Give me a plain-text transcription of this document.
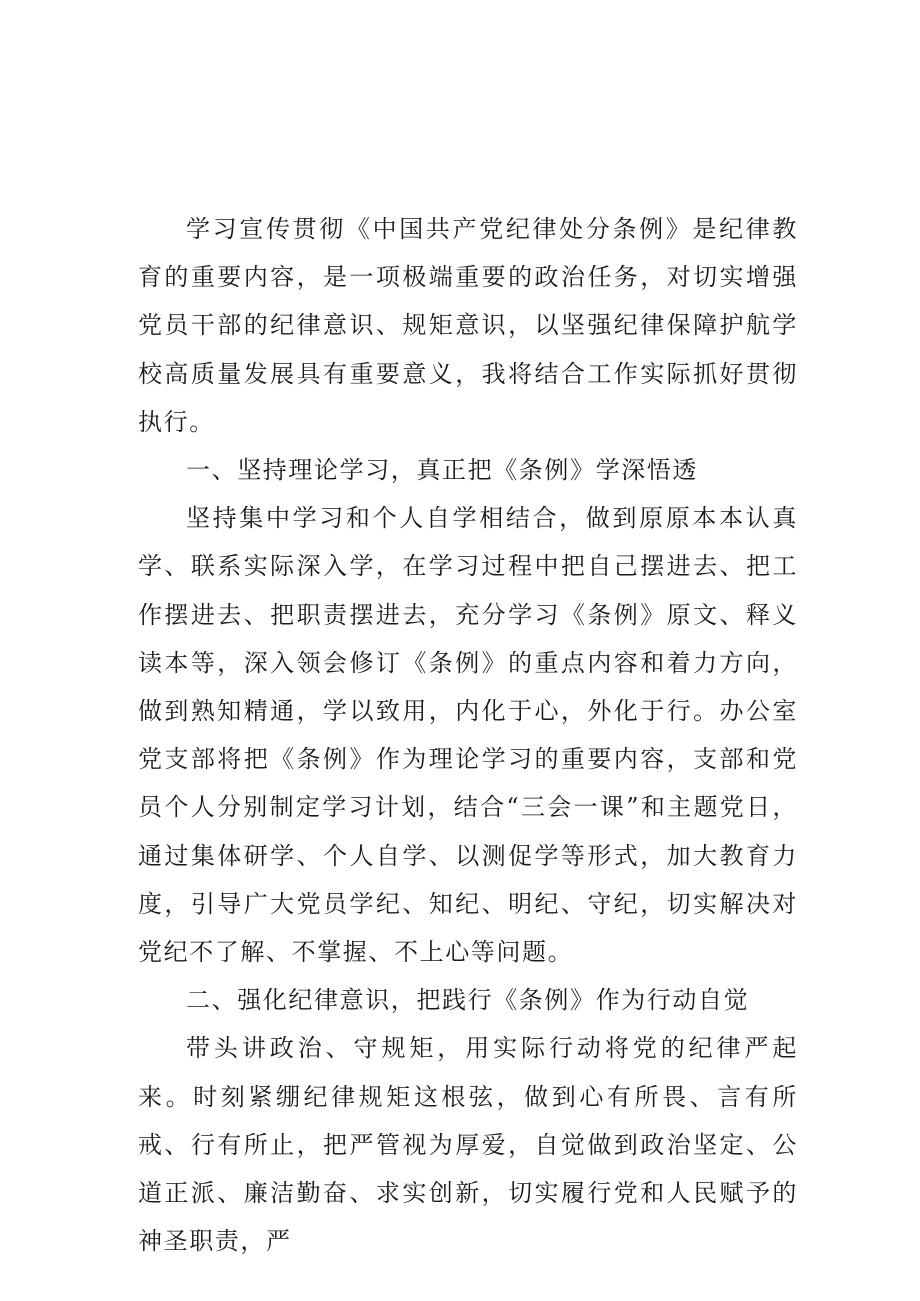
学习宣传贯彻《中国共产党纪律处分条例》是纪律教育的重要内容，是一项极端重要的政治任务，对切实增强党员干部的纪律意识、规矩意识，以坚强纪律保障护航学校高质量发展具有重要意义，我将结合工作实际抓好贯彻执行。

一、坚持理论学习，真正把《条例》学深悟透

坚持集中学习和个人自学相结合，做到原原本本认真学、联系实际深入学，在学习过程中把自己摆进去、把工作摆进去、把职责摆进去，充分学习《条例》原文、释义读本等，深入领会修订《条例》的重点内容和着力方向，做到熟知精通，学以致用，内化于心，外化于行。办公室党支部将把《条例》作为理论学习的重要内容，支部和党员个人分别制定学习计划，结合“三会一课”和主题党日，通过集体研学、个人自学、以测促学等形式，加大教育力度，引导广大党员学纪、知纪、明纪、守纪，切实解决对党纪不了解、不掌握、不上心等问题。

二、强化纪律意识，把践行《条例》作为行动自觉

带头讲政治、守规矩，用实际行动将党的纪律严起来。时刻紧绷纪律规矩这根弦，做到心有所畏、言有所戒、行有所止，把严管视为厚爱，自觉做到政治坚定、公道正派、廉洁勤奋、求实创新，切实履行党和人民赋予的神圣职责，严
